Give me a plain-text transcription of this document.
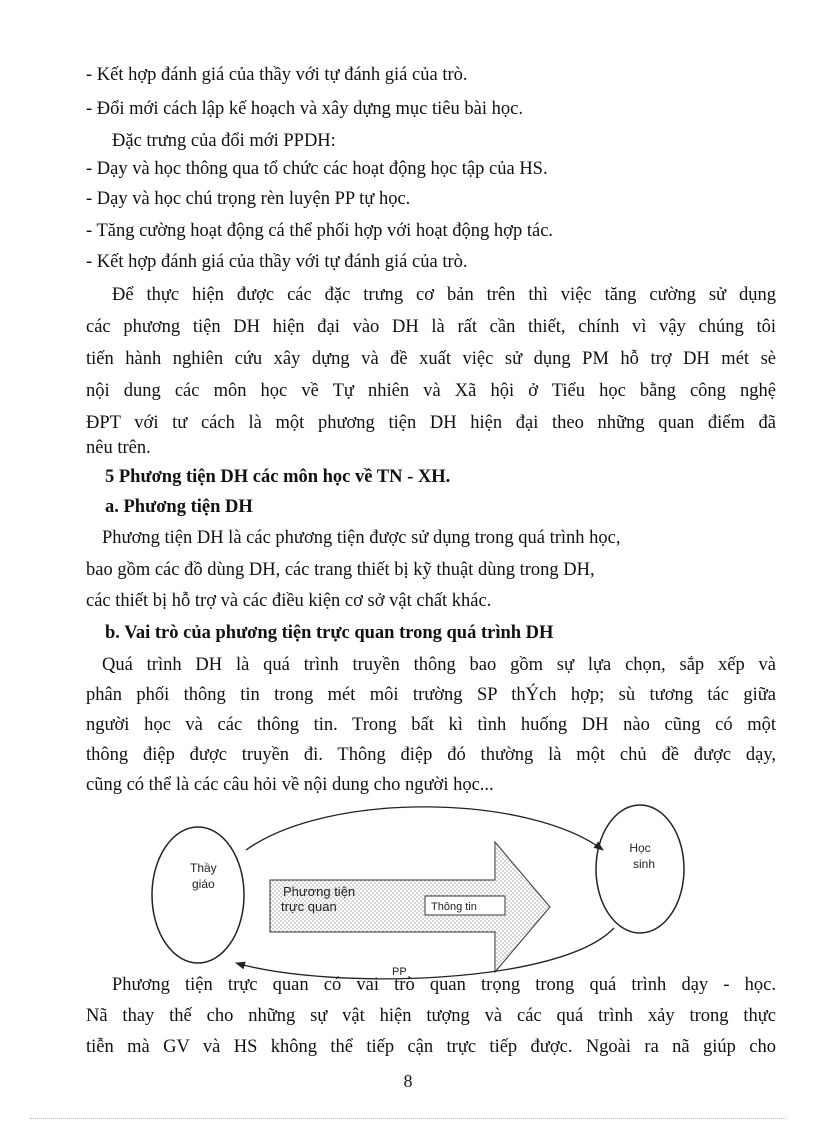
- Kết hợp đánh giá của thầy với tự đánh giá của trò.
- Đổi mới cách lập kế hoạch và xây dựng mục tiêu bài học.
Đặc trưng của đổi mới PPDH:
- Dạy và học thông qua tổ chức các hoạt động học tập của HS.
- Dạy và học chú trọng rèn luyện PP tự học.
- Tăng cường hoạt động cá thể phối hợp với hoạt động hợp tác.
- Kết hợp đánh giá của thầy với tự đánh giá của trò.
Để thực hiện được các đặc trưng cơ bản trên thì việc tăng cường sử dụng
các phương tiện DH hiện đại vào DH là rất cần thiết, chính vì vậy chúng tôi
tiến hành nghiên cứu xây dựng và đề xuất việc sử dụng PM hỗ trợ DH mét sè
nội dung các môn học về Tự nhiên và Xã hội ở Tiểu học bằng công nghệ
ĐPT với tư cách là một phương tiện DH hiện đại theo những quan điểm đã
nêu trên.
5 Phương tiện DH các môn học về TN - XH.
a. Phương tiện DH
Phương tiện DH là các phương tiện được sử dụng trong quá trình học,
bao gồm các đồ dùng DH, các trang thiết bị kỹ thuật dùng trong DH,
các thiết bị hỗ trợ và các điều kiện cơ sở vật chất khác.
b. Vai trò của phương tiện trực quan trong quá trình DH
Quá trình DH là quá trình truyền thông bao gồm sự lựa chọn, sắp xếp và
phân phối thông tin trong mét môi trường SP thÝch hợp; sù tương tác giữa
người học và các thông tin. Trong bất kì tình huống DH nào cũng có một
thông điệp được truyền đi. Thông điệp đó thường là một chủ đề được dạy,
cũng có thể là các câu hỏi về nội dung cho người học...
Thầy
giáo
Học
sinh
Phương tiện
trực quan	Thông tin
PP
Phương tiện trực quan có vai trò quan trọng trong quá trình dạy - học.
Nã thay thế cho những sự vật hiện tượng và các quá trình xảy trong thực
tiễn mà GV và HS không thể tiếp cận trực tiếp được. Ngoài ra nã giúp cho
8
